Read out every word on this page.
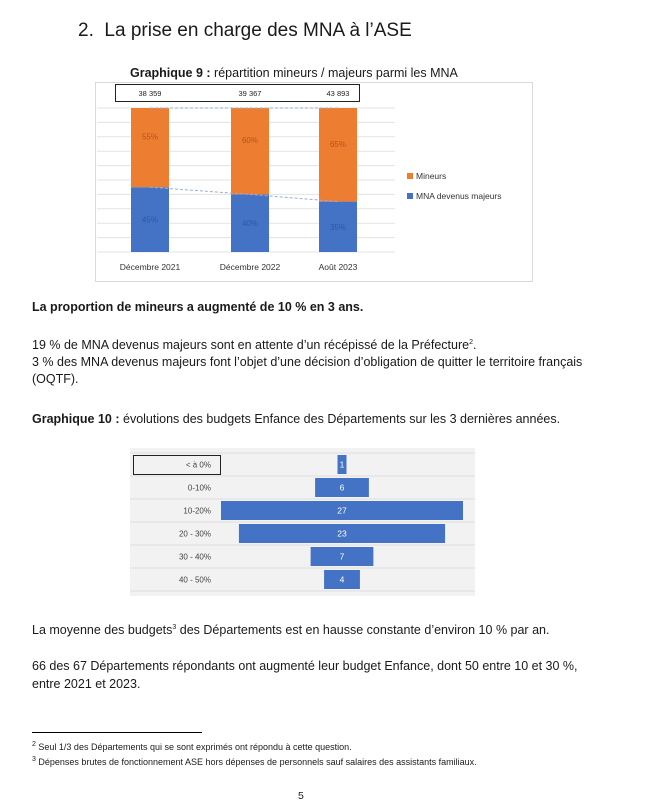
2. La prise en charge des MNA à l’ASE
Graphique 9 : répartition mineurs / majeurs parmi les MNA
45%
55%
38 359
Décembre 2021
40%
60%
39 367
Décembre 2022
35%
65%
43 893
Août 2023
Mineurs
MNA devenus majeurs
La proportion de mineurs a augmenté de 10 % en 3 ans.
19 % de MNA devenus majeurs sont en attente d’un récépissé de la Préfecture$^2$.
3 % des MNA devenus majeurs font l’objet d’une décision d’obligation de quitter le territoire français (OQTF).
Graphique 10 : évolutions des budgets Enfance des Départements sur les 3 dernières années.
1
< à 0%
6
0-10%
27
10-20%
23
20 - 30%
7
30 - 40%
4
40 - 50%
La moyenne des budgets$^3$ des Départements est en hausse constante d’environ 10 % par an.
66 des 67 Départements répondants ont augmenté leur budget Enfance, dont 50 entre 10 et 30 %, entre 2021 et 2023.
$^2$ Seul 1/3 des Départements qui se sont exprimés ont répondu à cette question.
$^3$ Dépenses brutes de fonctionnement ASE hors dépenses de personnels sauf salaires des assistants familiaux.
5
